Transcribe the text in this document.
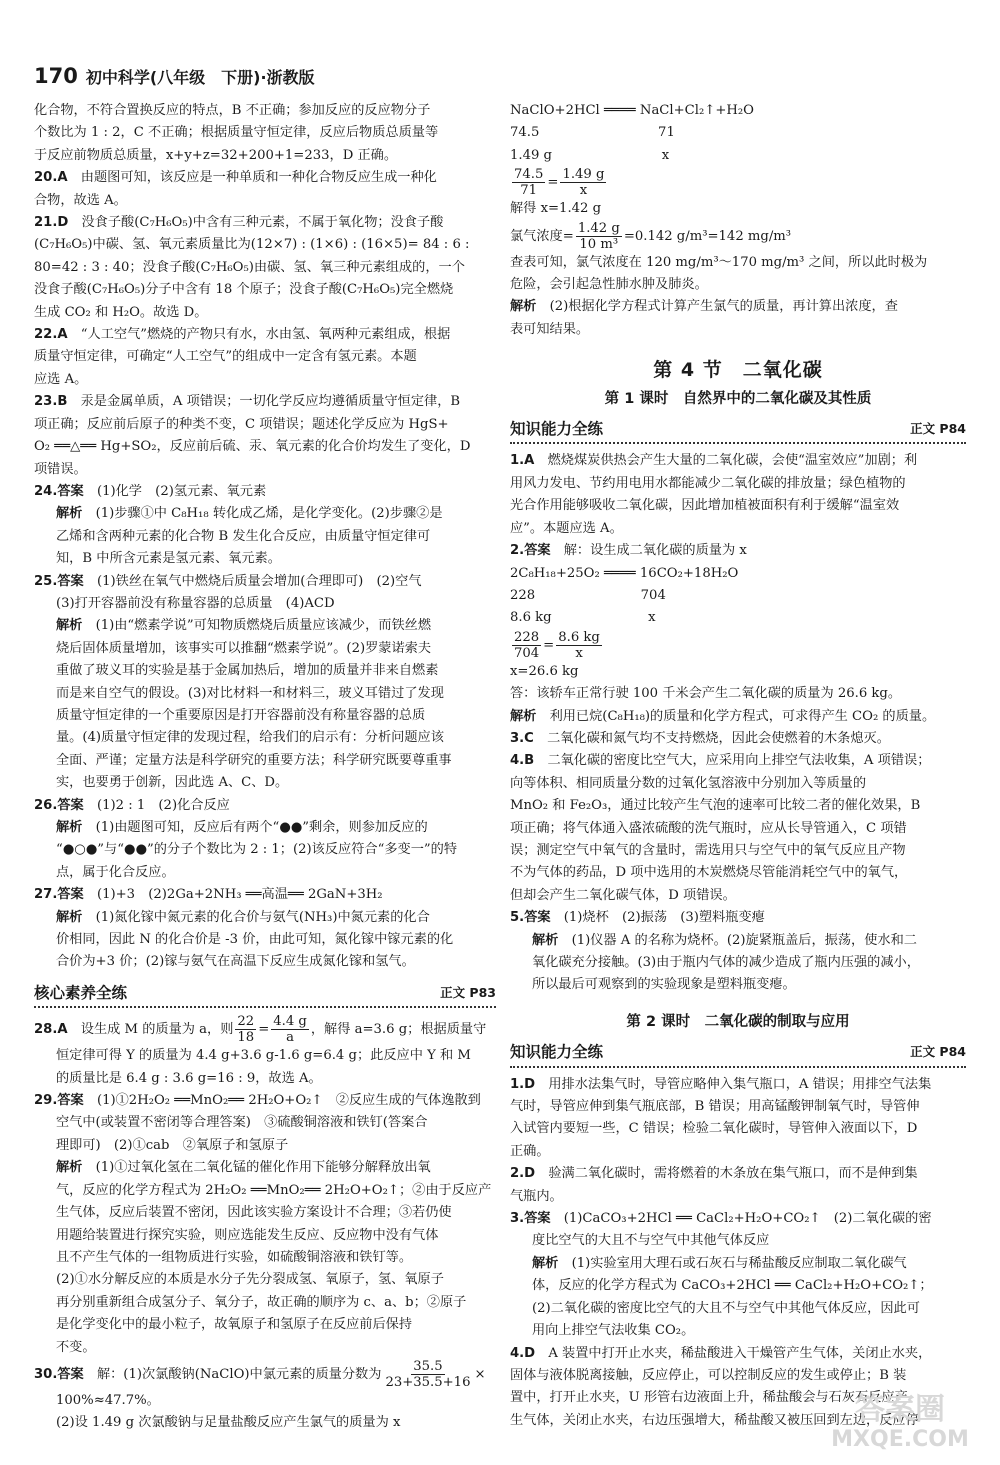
170 初中科学(八年级　下册)·浙教版
化合物，不符合置换反应的特点，B 不正确；参加反应的反应物分子
个数比为 1 : 2，C 不正确；根据质量守恒定律，反应后物质总质量等
于反应前物质总质量，x+y+z=32+200+1=233，D 正确。
20.A　 由题图可知，该反应是一种单质和一种化合物反应生成一种化
合物，故选 A。
21.D　 没食子酸(C₇H₆O₅)中含有三种元素，不属于氧化物；没食子酸
(C₇H₆O₅)中碳、氢、氧元素质量比为(12×7) : (1×6) : (16×5)= 84 : 6 :
80=42 : 3 : 40；没食子酸(C₇H₆O₅)由碳、氢、氧三种元素组成的，一个
没食子酸(C₇H₆O₅)分子中含有 18 个原子；没食子酸(C₇H₆O₅)完全燃烧
生成 CO₂ 和 H₂O。故选 D。
22.A　 “人工空气”燃烧的产物只有水，水由氢、氧两种元素组成，根据
质量守恒定律，可确定“人工空气”的组成中一定含有氢元素。本题
应选 A。
23.B　 汞是金属单质，A 项错误；一切化学反应均遵循质量守恒定律，B
项正确；反应前后原子的种类不变，C 项错误；题述化学反应为 HgS+
O₂ ══△══ Hg+SO₂，反应前后硫、汞、氧元素的化合价均发生了变化，D
项错误。
24.答案　 (1)化学　(2)氢元素、氧元素
解析　 (1)步骤①中 C₈H₁₈ 转化成乙烯，是化学变化。(2)步骤②是
乙烯和含两种元素的化合物 B 发生化合反应，由质量守恒定律可
知，B 中所含元素是氢元素、氧元素。
25.答案　 (1)铁丝在氧气中燃烧后质量会增加(合理即可)　(2)空气
(3)打开容器前没有称量容器的总质量　(4)ACD
解析　 (1)由“燃素学说”可知物质燃烧后质量应该减少，而铁丝燃
烧后固体质量增加，该事实可以推翻“燃素学说”。(2)罗蒙诺索夫
重做了玻义耳的实验是基于金属加热后，增加的质量并非来自燃素
而是来自空气的假设。(3)对比材料一和材料三，玻义耳错过了发现
质量守恒定律的一个重要原因是打开容器前没有称量容器的总质
量。(4)质量守恒定律的发现过程，给我们的启示有：分析问题应该
全面、严谨；定量方法是科学研究的重要方法；科学研究既要尊重事
实，也要勇于创新，因此选 A、C、D。
26.答案　 (1)2 : 1　(2)化合反应
解析　 (1)由题图可知，反应后有两个“●●”剩余，则参加反应的
“●○●”与“●●”的分子个数比为 2 : 1；(2)该反应符合“多变一”的特
点，属于化合反应。
27.答案　 (1)+3　(2)2Ga+2NH₃ ══高温══ 2GaN+3H₂
解析　 (1)氮化镓中氮元素的化合价与氨气(NH₃)中氮元素的化合
价相同，因此 N 的化合价是 -3 价，由此可知，氮化镓中镓元素的化
合价为+3 价；(2)镓与氨气在高温下反应生成氮化镓和氢气。
核心素养全练	正文 P83
28.A　 设生成 M 的质量为 a，则 $\frac{22}{18} = \frac{4.4 g}{a}$ ，解得 a=3.6 g；根据质量守
恒定律可得 Y 的质量为 4.4 g+3.6 g-1.6 g=6.4 g；此反应中 Y 和 M
的质量比是 6.4 g : 3.6 g=16 : 9，故选 A。
29.答案　 (1)①2H₂O₂ ══MnO₂══ 2H₂O+O₂↑　②反应生成的气体逸散到
空气中(或装置不密闭等合理答案)　③硫酸铜溶液和铁钉(答案合
理即可)　(2)①cab　②氧原子和氢原子
解析　 (1)①过氧化氢在二氧化锰的催化作用下能够分解释放出氧
气，反应的化学方程式为 2H₂O₂ ══MnO₂══ 2H₂O+O₂↑；②由于反应产
生气体，反应后装置不密闭，因此该实验方案设计不合理；③若仍使
用题给装置进行探究实验，则应选能发生反应、反应物中没有气体
且不产生气体的一组物质进行实验，如硫酸铜溶液和铁钉等。
(2)①水分解反应的本质是水分子先分裂成氢、氧原子，氢、氧原子
再分别重新组合成氢分子、氧分子，故正确的顺序为 c、a、b；②原子
是化学变化中的最小粒子，故氧原子和氢原子在反应前后保持
不变。
30.答案　 解：(1)次氯酸钠(NaClO)中氯元素的质量分数为 $\frac{35.5}{23+35.5+16}$ ×
100%≈47.7%。
(2)设 1.49 g 次氯酸钠与足量盐酸反应产生氯气的质量为 x
NaClO+2HCl ════ NaCl+Cl₂↑+H₂O
74.5　　　　　　　　　71
1.49 g　　　　　　　　 x
$\frac{74.5}{71} = \frac{1.49 g}{x}$
解得 x=1.42 g
氯气浓度= $\frac{1.42 g}{\text{10 m³}} =0.142$ g/m³=142 mg/m³
查表可知，氯气浓度在 120 mg/m³～170 mg/m³ 之间，所以此时极为
危险，会引起急性肺水肿及肺炎。
解析　 (2)根据化学方程式计算产生氯气的质量，再计算出浓度，查
表可知结果。
第 4 节　二氧化碳
第 1 课时　自然界中的二氧化碳及其性质
知识能力全练	正文 P84
1.A　 燃烧煤炭供热会产生大量的二氧化碳，会使“温室效应”加剧；利
用风力发电、节约用电用水都能减少二氧化碳的排放量；绿色植物的
光合作用能够吸收二氧化碳，因此增加植被面积有利于缓解“温室效
应”。本题应选 A。
2.答案　 解：设生成二氧化碳的质量为 x
2C₈H₁₈+25O₂ ════ 16CO₂+18H₂O
228　　　　　　　　704
8.6 kg　　　　　　　 x
$\frac{228}{704} = \frac{8.6 kg}{x}$
x=26.6 kg
答：该轿车正常行驶 100 千米会产生二氧化碳的质量为 26.6 kg。
解析　 利用已烷(C₈H₁₈)的质量和化学方程式，可求得产生 CO₂ 的质量。
3.C　 二氧化碳和氮气均不支持燃烧，因此会使燃着的木条熄灭。
4.B　 二氧化碳的密度比空气大，应采用向上排空气法收集，A 项错误；
向等体积、相同质量分数的过氧化氢溶液中分别加入等质量的
MnO₂ 和 Fe₂O₃，通过比较产生气泡的速率可比较二者的催化效果，B
项正确；将气体通入盛浓硫酸的洗气瓶时，应从长导管通入，C 项错
误；测定空气中氧气的含量时，需选用只与空气中的氧气反应且产物
不为气体的药品，D 项中选用的木炭燃烧尽管能消耗空气中的氧气，
但却会产生二氧化碳气体，D 项错误。
5.答案　 (1)烧杯　(2)振荡　(3)塑料瓶变瘪
解析　 (1)仪器 A 的名称为烧杯。(2)旋紧瓶盖后，振荡，使水和二
氧化碳充分接触。(3)由于瓶内气体的减少造成了瓶内压强的减小，
所以最后可观察到的实验现象是塑料瓶变瘪。
第 2 课时　二氧化碳的制取与应用
知识能力全练	正文 P84
1.D　 用排水法集气时，导管应略伸入集气瓶口，A 错误；用排空气法集
气时，导管应伸到集气瓶底部，B 错误；用高锰酸钾制氧气时，导管伸
入试管内要短一些，C 错误；检验二氧化碳时，导管伸入液面以下，D
正确。
2.D　 验满二氧化碳时，需将燃着的木条放在集气瓶口，而不是伸到集
气瓶内。
3.答案　 (1)CaCO₃+2HCl ══ CaCl₂+H₂O+CO₂↑　(2)二氧化碳的密
度比空气的大且不与空气中其他气体反应
解析　 (1)实验室用大理石或石灰石与稀盐酸反应制取二氧化碳气
体，反应的化学方程式为 CaCO₃+2HCl ══ CaCl₂+H₂O+CO₂↑；
(2)二氧化碳的密度比空气的大且不与空气中其他气体反应，因此可
用向上排空气法收集 CO₂。
4.D　 A 装置中打开止水夹，稀盐酸进入干燥管产生气体，关闭止水夹，
固体与液体脱离接触，反应停止，可以控制反应的发生或停止；B 装
置中，打开止水夹，U 形管右边液面上升，稀盐酸会与石灰石反应产
生气体，关闭止水夹，右边压强增大，稀盐酸又被压回到左边，反应停
答案圈
MXQE.COM
